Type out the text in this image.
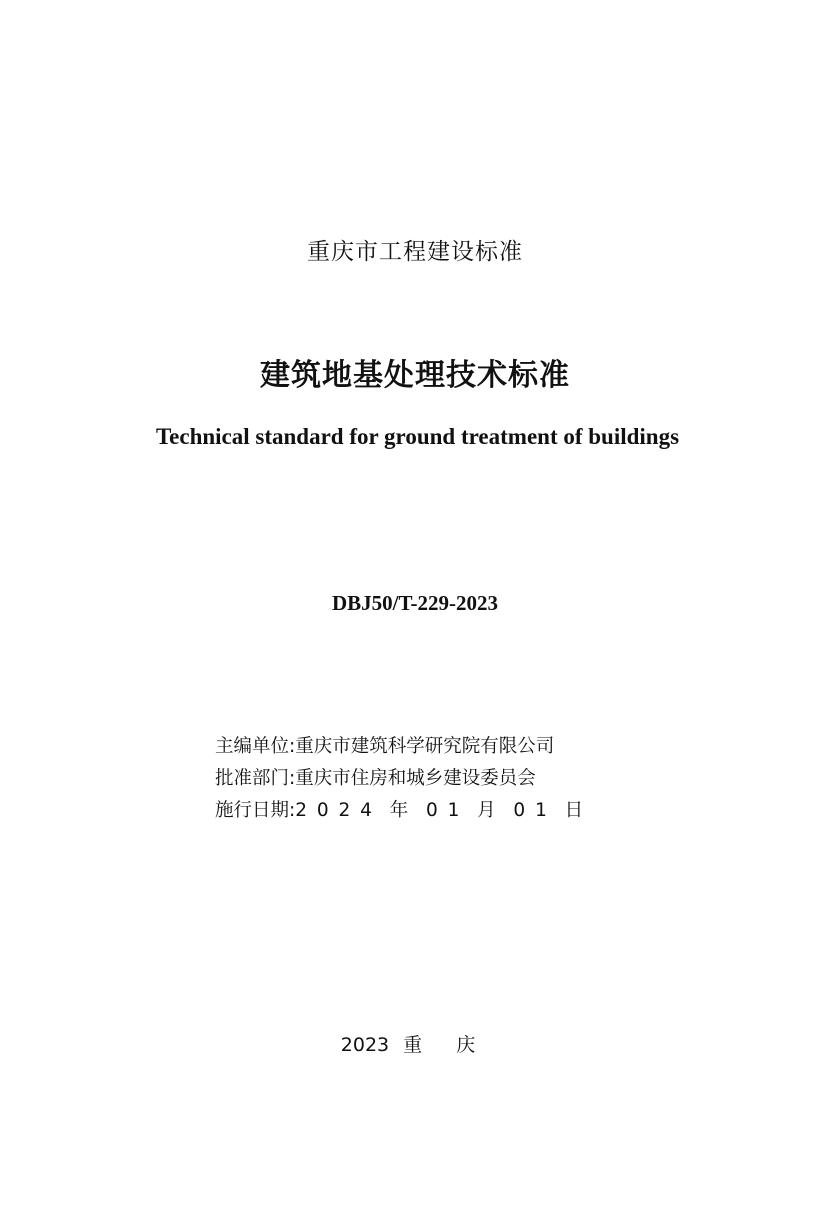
重庆市工程建设标准
建筑地基处理技术标准
Technical standard for ground treatment of buildings
DBJ50/T-229-2023
主编单位:重庆市建筑科学研究院有限公司
批准部门:重庆市住房和城乡建设委员会
施行日期:2 0 2 4  年  0 1  月  0 1  日
2023 重 庆
